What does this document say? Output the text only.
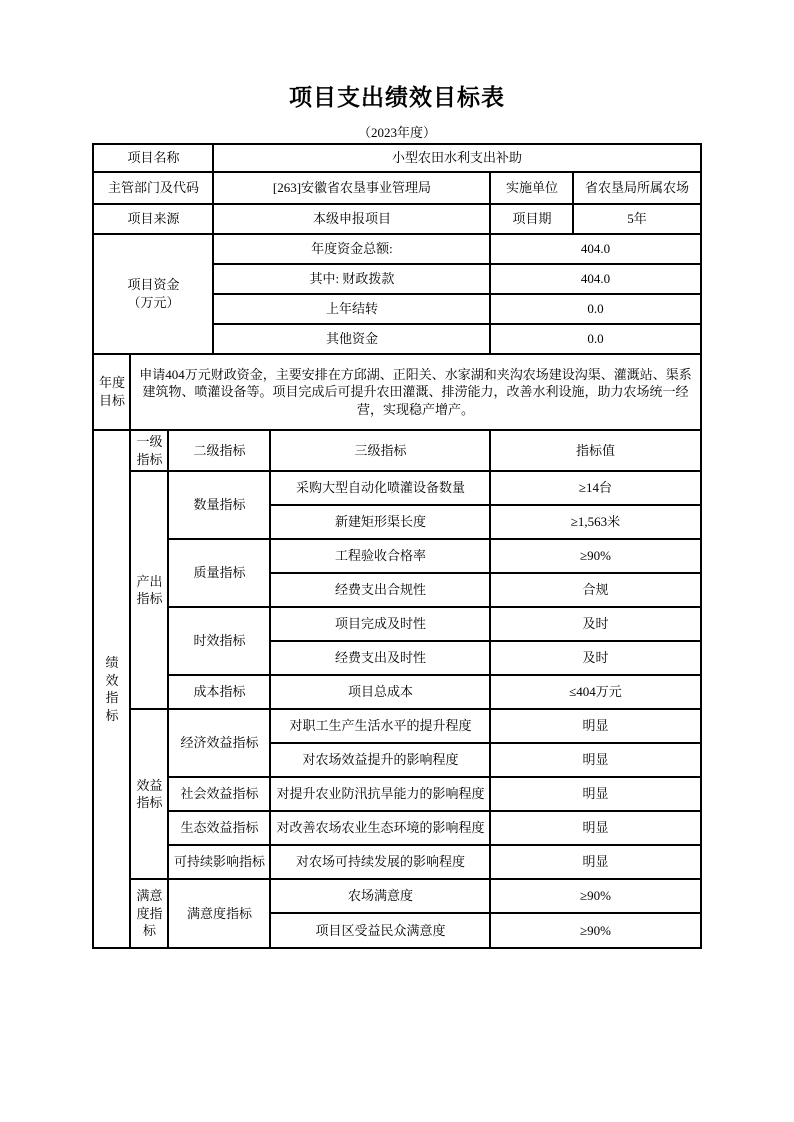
项目支出绩效目标表
（2023年度）
项目名称			小型农田水利支出补助			
主管部门及代码			[263]安徽省农垦事业管理局		实施单位	省农垦局所属农场
项目来源			本级申报项目		项目期	5年
项目资金
（万元）			年度资金总额:		404.0	
			其中: 财政拨款		404.0	
			上年结转		0.0	
			其他资金		0.0	
年度
目标	申请404万元财政资金，主要安排在方邱湖、正阳关、水家湖和夹沟农场建设沟渠、灌溉站、渠系建筑物、喷灌设备等。项目完成后可提升农田灌溉、排涝能力，改善水利设施，助力农场统一经营，实现稳产增产。					
绩
效
指
标	一级
指标	二级指标		三级指标	指标值	
	产出
指标	数量指标		采购大型自动化喷灌设备数量	≥14台	
				新建矩形渠长度	≥1,563米	
		质量指标		工程验收合格率	≥90%	
				经费支出合规性	合规	
		时效指标		项目完成及时性	及时	
				经费支出及时性	及时	
		成本指标		项目总成本	≤404万元	
	效益
指标	经济效益指标		对职工生产生活水平的提升程度	明显	
				对农场效益提升的影响程度	明显	
		社会效益指标		对提升农业防汛抗旱能力的影响程度	明显	
		生态效益指标		对改善农场农业生态环境的影响程度	明显	
		可持续影响指标		对农场可持续发展的影响程度	明显	
	满意
度指
标	满意度指标		农场满意度	≥90%	
				项目区受益民众满意度	≥90%	
